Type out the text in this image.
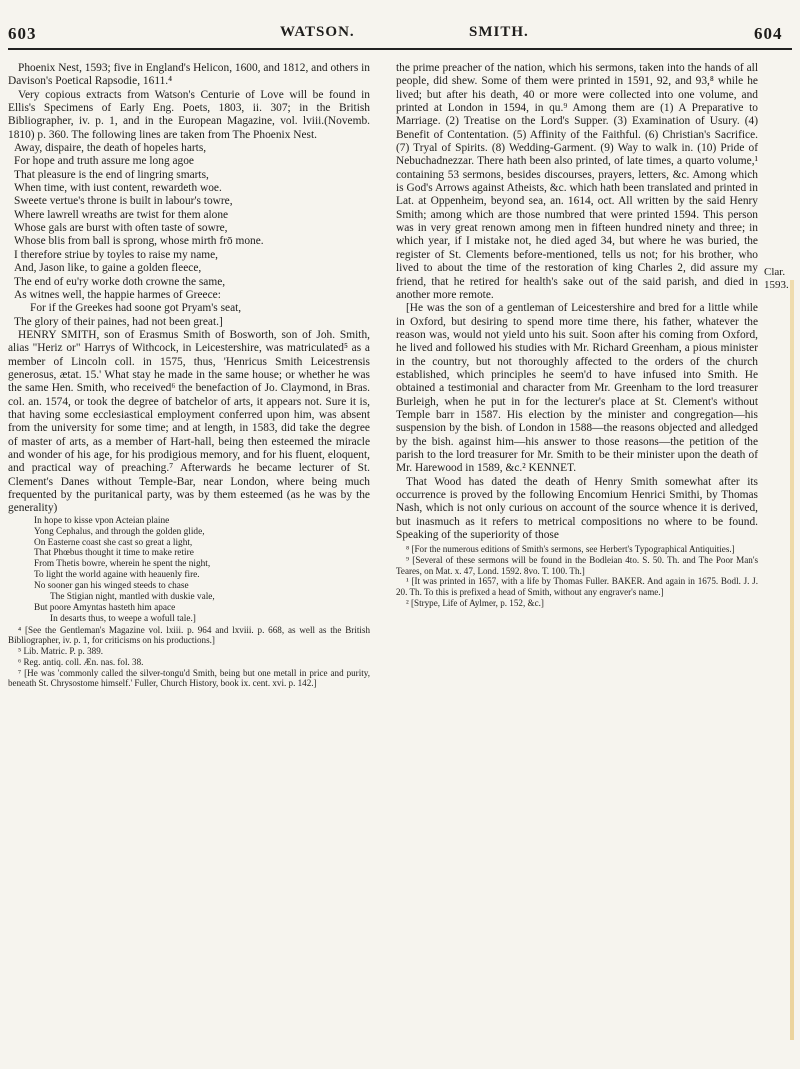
603	WATSON.	SMITH.	604

Phoenix Nest, 1593; five in England's Helicon, 1600, and 1812, and others in Davison's Poetical Rapsodie, 1611.⁴

Very copious extracts from Watson's Centurie of Love will be found in Ellis's Specimens of Early Eng. Poets, 1803, ii. 307; in the British Bibliographer, iv. p. 1, and in the European Magazine, vol. lviii.(Novemb. 1810) p. 360. The following lines are taken from The Phoenix Nest.

Away, dispaire, the death of hopeles harts,
For hope and truth assure me long agoe
That pleasure is the end of lingring smarts,
When time, with iust content, rewardeth woe.
Sweete vertue's throne is built in labour's towre,
Where lawrell wreaths are twist for them alone
Whose gals are burst with often taste of sowre,
Whose blis from ball is sprong, whose mirth frō mone.
I therefore striue by toyles to raise my name,
And, Jason like, to gaine a golden fleece,
The end of eu'ry worke doth crowne the same,
As witnes well, the happie harmes of Greece:
For if the Greekes had soone got Pryam's seat,
The glory of their paines, had not been great.]

HENRY SMITH, son of Erasmus Smith of Bosworth, son of Joh. Smith, alias "Heriz or" Harrys of Withcock, in Leicestershire, was matriculated⁵ as a member of Lincoln coll. in 1575, thus, 'Henricus Smith Leicestrensis generosus, ætat. 15.' What stay he made in the same house; or whether he was the same Hen. Smith, who received⁶ the benefaction of Jo. Claymond, in Bras. col. an. 1574, or took the degree of batchelor of arts, it appears not. Sure it is, that having some ecclesiastical employment conferred upon him, was absent from the university for some time; and at length, in 1583, did take the degree of master of arts, as a member of Hart-hall, being then esteemed the miracle and wonder of his age, for his prodigious memory, and for his fluent, eloquent, and practical way of preaching.⁷ Afterwards he became lecturer of St. Clement's Danes without Temple-Bar, near London, where being much frequented by the puritanical party, was by them esteemed (as he was by the generality)

In hope to kisse vpon Acteian plaine
Yong Cephalus, and through the golden glide,
On Easterne coast she cast so great a light,
That Phœbus thought it time to make retire
From Thetis bowre, wherein he spent the night,
To light the world againe with heauenly fire.
No sooner gan his winged steeds to chase
The Stigian night, mantled with duskie vale,
But poore Amyntas hasteth him apace
In desarts thus, to weepe a wofull tale.]

⁴ [See the Gentleman's Magazine vol. lxiii. p. 964 and lxviii. p. 668, as well as the British Bibliographer, iv. p. 1, for criticisms on his productions.]

⁵ Lib. Matric. P. p. 389.

⁶ Reg. antiq. coll. Æn. nas. fol. 38.

⁷ [He was 'commonly called the silver-tongu'd Smith, being but one metall in price and purity, beneath St. Chrysostome himself.' Fuller, Church History, book ix. cent. xvi. p. 142.]

the prime preacher of the nation, which his sermons, taken into the hands of all people, did shew. Some of them were printed in 1591, 92, and 93,⁸ while he lived; but after his death, 40 or more were collected into one volume, and printed at London in 1594, in qu.⁹ Among them are (1) A Preparative to Marriage. (2) Treatise on the Lord's Supper. (3) Examination of Usury. (4) Benefit of Contentation. (5) Affinity of the Faithful. (6) Christian's Sacrifice. (7) Tryal of Spirits. (8) Wedding-Garment. (9) Way to walk in. (10) Pride of Nebuchadnezzar. There hath been also printed, of late times, a quarto volume,¹ containing 53 sermons, besides discourses, prayers, letters, &c. Among which is God's Arrows against Atheists, &c. which hath been translated and printed in Lat. at Oppenheim, beyond sea, an. 1614, oct. All written by the said Henry Smith; among which are those numbred that were printed 1594. This person was in very great renown among men in fifteen hundred ninety and three; in which year, if I mistake not, he died aged 34, but where he was buried, the register of St. Clements before-mentioned, tells us not; for his brother, who lived to about the time of the restoration of king Charles 2, did assure my friend, that he retired for health's sake out of the said parish, and died in another more remote.

[He was the son of a gentleman of Leicestershire and bred for a little while in Oxford, but desiring to spend more time there, his father, whatever the reason was, would not yield unto his suit. Soon after his coming from Oxford, he lived and followed his studies with Mr. Richard Greenham, a pious minister in the country, but not thoroughly affected to the orders of the church established, which principles he seem'd to have infused into Smith. He obtained a testimonial and character from Mr. Greenham to the lord treasurer Burleigh, when he put in for the lecturer's place at St. Clement's without Temple barr in 1587. His election by the minister and congregation—his suspension by the bish. of London in 1588—the reasons objected and alledged by the bish. against him—his answer to those reasons—the petition of the parish to the lord treasurer for Mr. Smith to be their minister upon the death of Mr. Harewood in 1589, &c.² KENNET.

That Wood has dated the death of Henry Smith somewhat after its occurrence is proved by the following Encomium Henrici Smithi, by Thomas Nash, which is not only curious on account of the source whence it is derived, but inasmuch as it refers to metrical compositions no where to be found. Speaking of the superiority of those

⁸ [For the numerous editions of Smith's sermons, see Herbert's Typographical Antiquities.]

⁹ [Several of these sermons will be found in the Bodleian 4to. S. 50. Th. and The Poor Man's Teares, on Mat. x. 47, Lond. 1592. 8vo. T. 100. Th.]

¹ [It was printed in 1657, with a life by Thomas Fuller. BAKER. And again in 1675. Bodl. J. J. 20. Th. To this is prefixed a head of Smith, without any engraver's name.]

² [Strype, Life of Aylmer, p. 152, &c.]

Clar.
1593.
